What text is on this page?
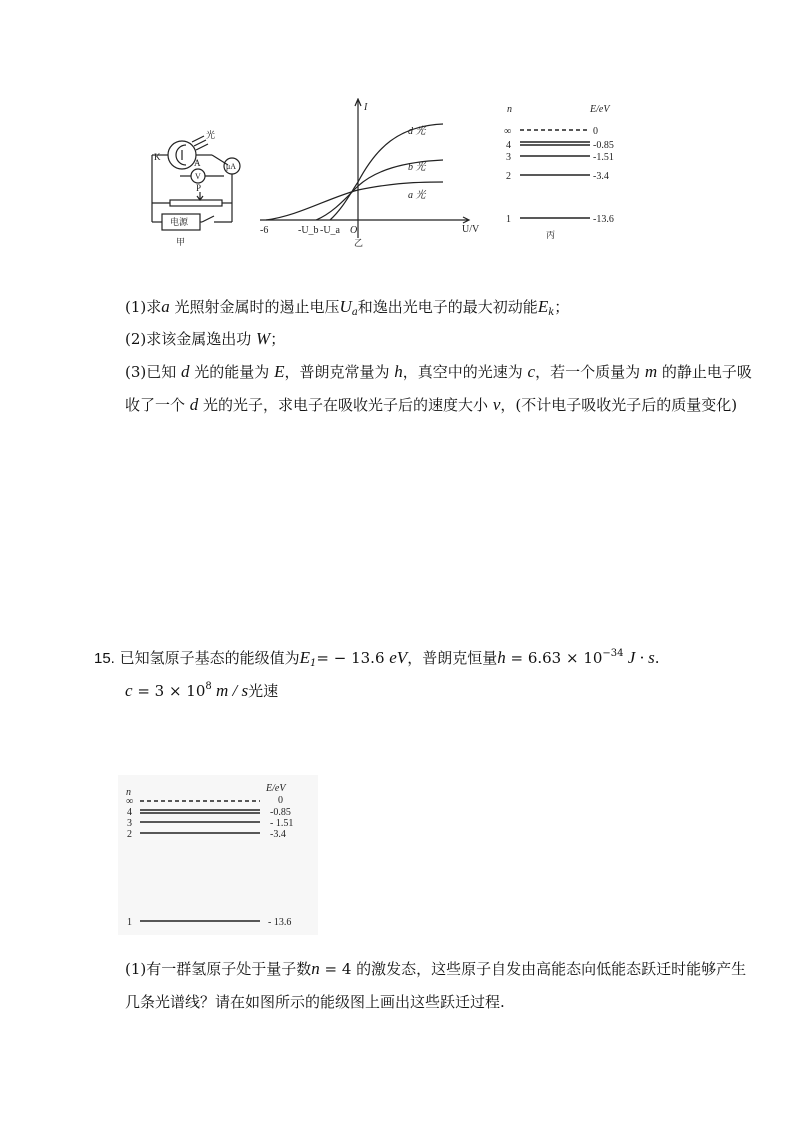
光
K
A	μA
V
P
电源
甲
I
U/V
-6	-U_b -U_a O
d 光
b 光
a 光
乙
n	E/eV
∞	0
4	-0.85
3	-1.51
2	-3.4
1	-13.6
丙
(1)求a 光照射金属时的遏止电压$U_a$和逸出光电子的最大初动能$E_k$；
(2)求该金属逸出功 W；
(3)已知 d 光的能量为 E，普朗克常量为 h，真空中的光速为 c，若一个质量为 m 的静止电子吸
收了一个 d 光的光子，求电子在吸收光子后的速度大小 v，(不计电子吸收光子后的质量变化)
15. 已知氢原子基态的能级值为$E_1= - 13.6$ eV，普朗克恒量$h = 6.63 \times 10^{-34}$ J · s.
$c = 3 \times 10^8$ m / s光速
n	E/eV
∞	0
4	-0.85
3	- 1.51
2	-3.4
1	- 13.6
(1)有一群氢原子处于量子数n = 4 的激发态，这些原子自发由高能态向低能态跃迁时能够产生
几条光谱线？请在如图所示的能级图上画出这些跃迁过程.
